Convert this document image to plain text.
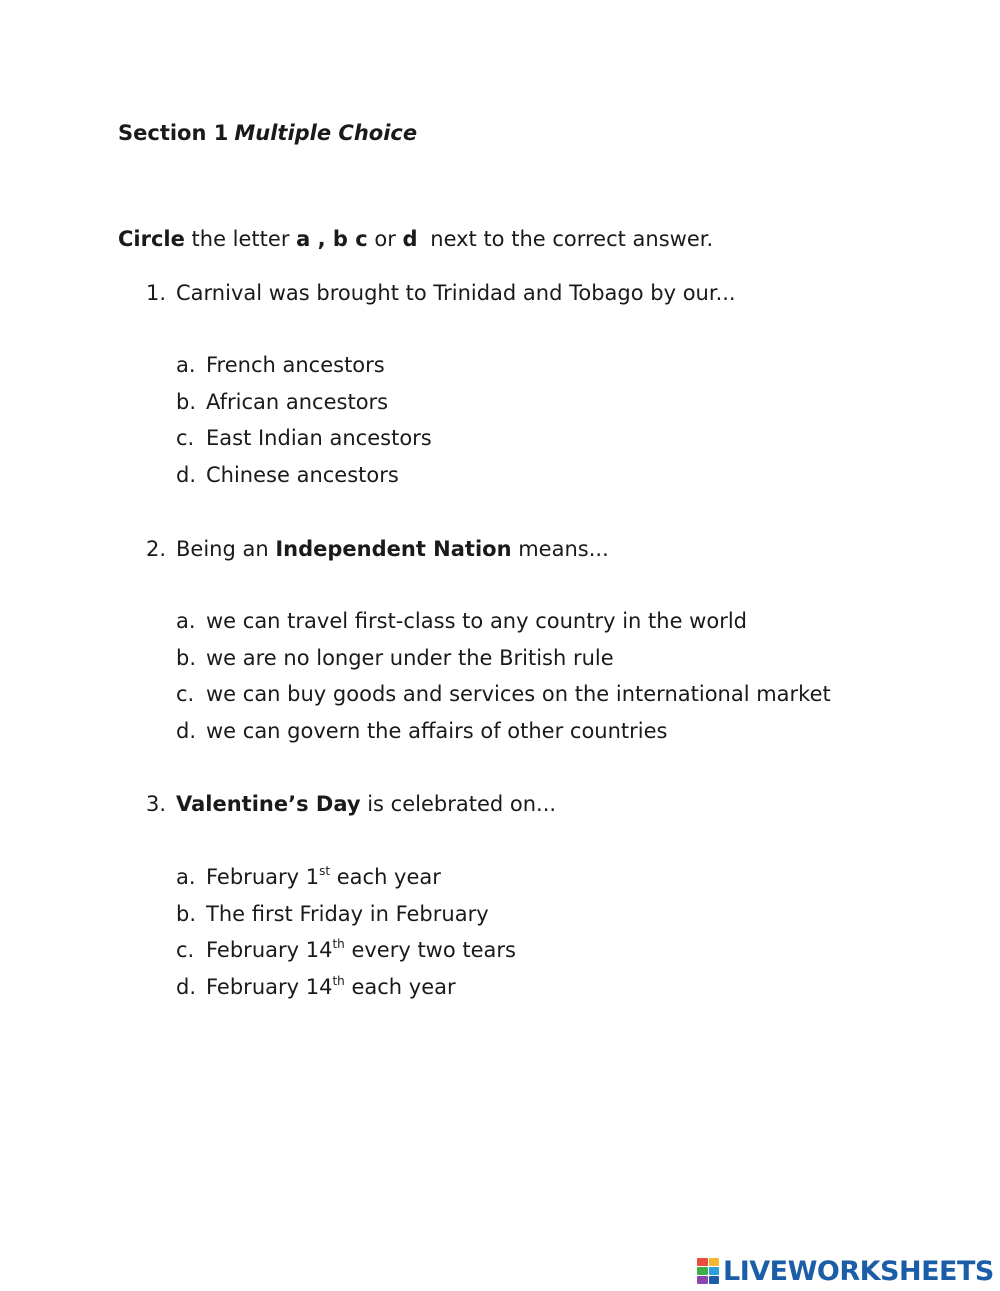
Section 1 Multiple Choice
Circle the letter a , b c or d next to the correct answer.
1. Carnival was brought to Trinidad and Tobago by our...
a. French ancestors
b. African ancestors
c. East Indian ancestors
d. Chinese ancestors
2. Being an Independent Nation means...
a. we can travel first-class to any country in the world
b. we are no longer under the British rule
c. we can buy goods and services on the international market
d. we can govern the affairs of other countries
3. Valentine’s Day is celebrated on...
a. February 1st each year
b. The first Friday in February
c. February 14th every two tears
d. February 14th each year
LIVEWORKSHEETS
